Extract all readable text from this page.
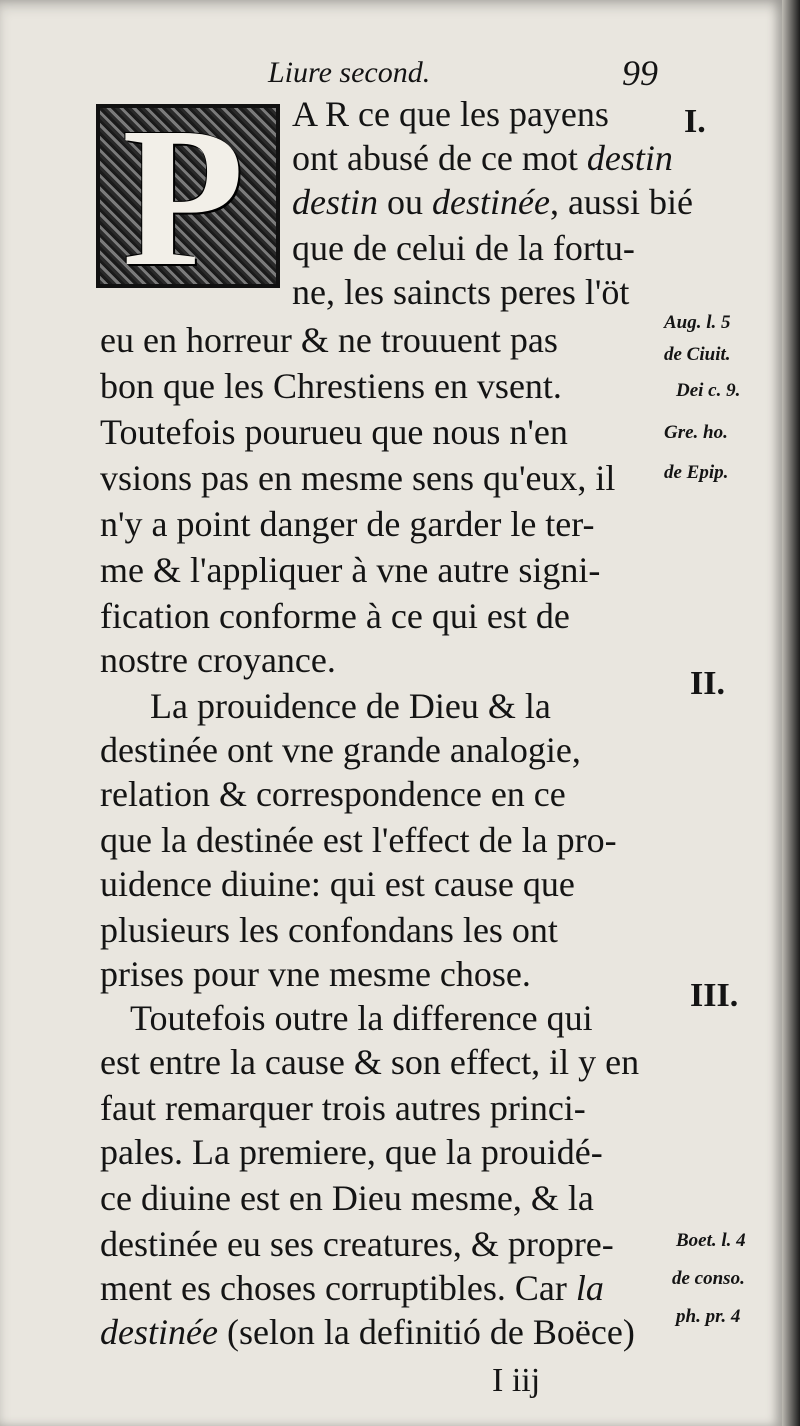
Liure second.	99
P A R ce que les payens
ont abusé de ce mot destin
destin ou destinée, aussi bié
que de celui de la fortu-
ne, les saincts peres l'öt
eu en horreur & ne trouuent pas
bon que les Chrestiens en vsent.
Toutefois pourueu que nous n'en
vsions pas en mesme sens qu'eux, il
n'y a point danger de garder le ter-
me & l'appliquer à vne autre signi-
fication conforme à ce qui est de
nostre croyance.
La prouidence de Dieu & la
destinée ont vne grande analogie,
relation & correspondence en ce
que la destinée est l'effect de la pro-
uidence diuine: qui est cause que
plusieurs les confondans les ont
prises pour vne mesme chose.
Toutefois outre la difference qui
est entre la cause & son effect, il y en
faut remarquer trois autres princi-
pales. La premiere, que la prouidé-
ce diuine est en Dieu mesme, & la
destinée eu ses creatures, & propre-
ment es choses corruptibles. Car la
destinée (selon la definitió de Boëce)
I.
II.
III.
Aug. l. 5
de Ciuit.
Dei c. 9.
Gre. ho.
de Epip.
Boet. l. 4
de conso.
ph. pr. 4
I iij
